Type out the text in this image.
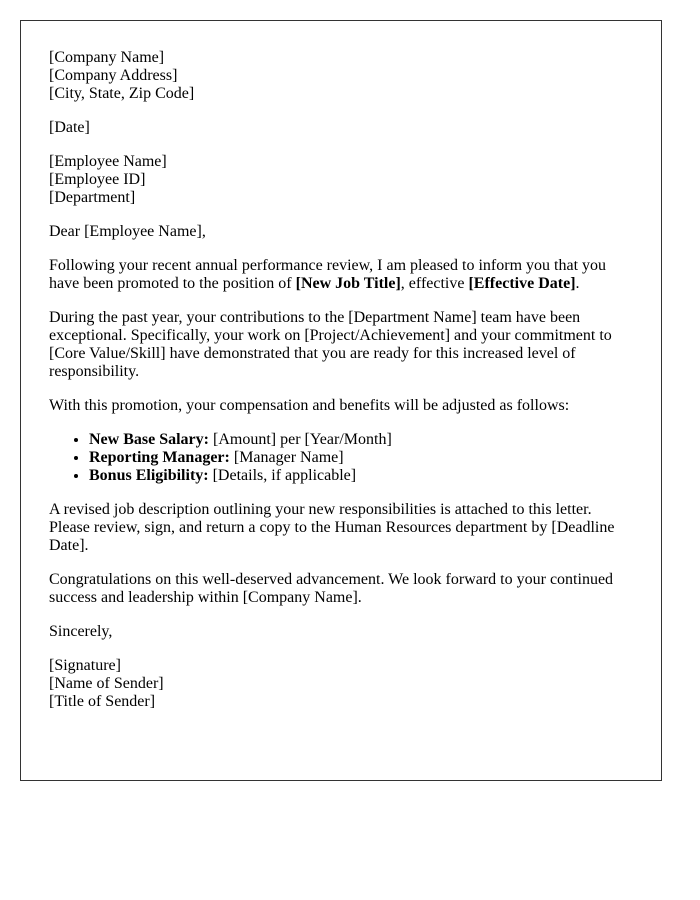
[Company Name]
[Company Address]
[City, State, Zip Code]

[Date]

[Employee Name]
[Employee ID]
[Department]

Dear [Employee Name],

Following your recent annual performance review, I am pleased to inform you that you have been promoted to the position of [New Job Title], effective [Effective Date].

During the past year, your contributions to the [Department Name] team have been exceptional. Specifically, your work on [Project/Achievement] and your commitment to [Core Value/Skill] have demonstrated that you are ready for this increased level of responsibility.

With this promotion, your compensation and benefits will be adjusted as follows:

• New Base Salary: [Amount] per [Year/Month]
• Reporting Manager: [Manager Name]
• Bonus Eligibility: [Details, if applicable]

A revised job description outlining your new responsibilities is attached to this letter. Please review, sign, and return a copy to the Human Resources department by [Deadline Date].

Congratulations on this well-deserved advancement. We look forward to your continued success and leadership within [Company Name].

Sincerely,

[Signature]
[Name of Sender]
[Title of Sender]
